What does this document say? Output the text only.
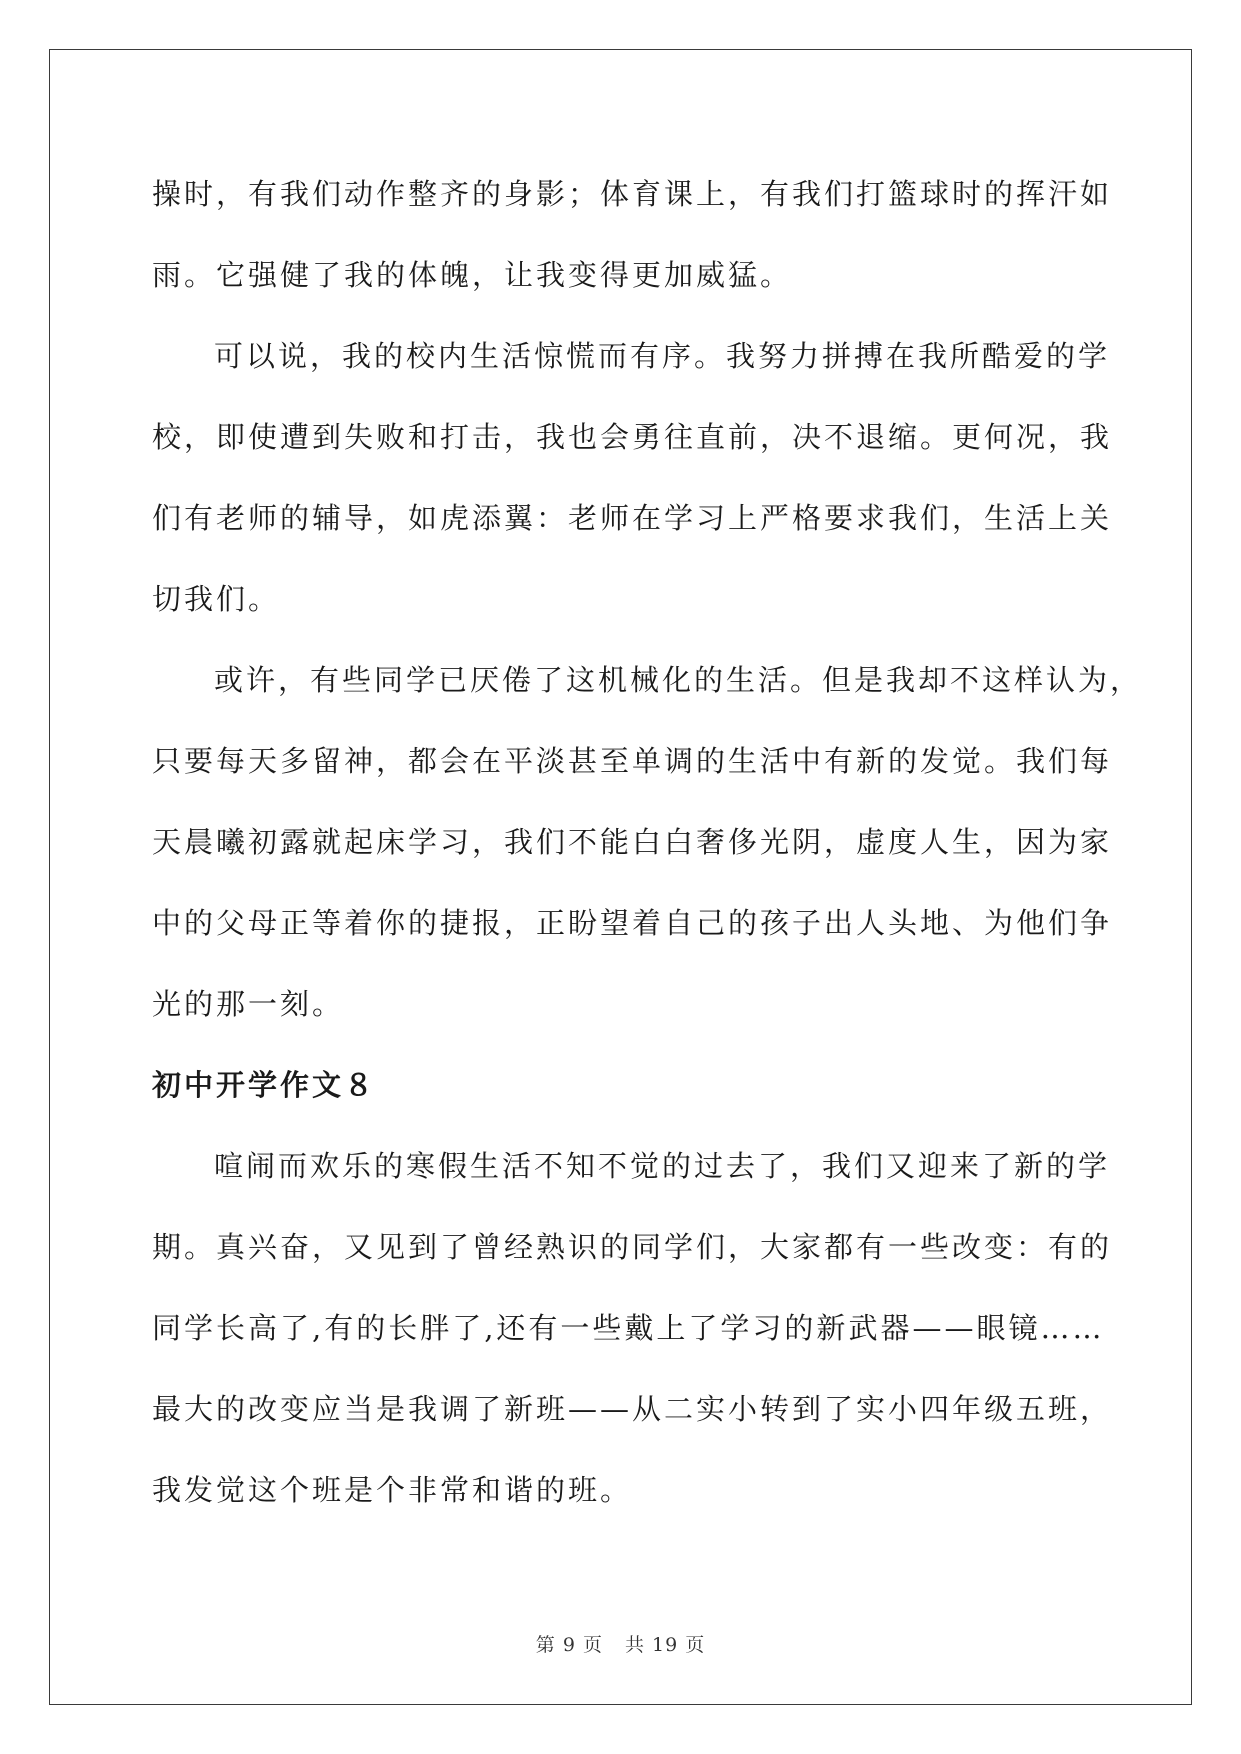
操时，有我们动作整齐的身影；体育课上，有我们打篮球时的挥汗如
雨。它强健了我的体魄，让我变得更加威猛。

可以说，我的校内生活惊慌而有序。我努力拼搏在我所酷爱的学
校，即使遭到失败和打击，我也会勇往直前，决不退缩。更何况，我
们有老师的辅导，如虎添翼：老师在学习上严格要求我们，生活上关
切我们。

或许，有些同学已厌倦了这机械化的生活。但是我却不这样认为，
只要每天多留神，都会在平淡甚至单调的生活中有新的发觉。我们每
天晨曦初露就起床学习，我们不能白白奢侈光阴，虚度人生，因为家
中的父母正等着你的捷报，正盼望着自己的孩子出人头地、为他们争
光的那一刻。

初中开学作文８

喧闹而欢乐的寒假生活不知不觉的过去了，我们又迎来了新的学
期。真兴奋，又见到了曾经熟识的同学们，大家都有一些改变：有的
同学长高了,有的长胖了,还有一些戴上了学习的新武器——眼镜……
最大的改变应当是我调了新班——从二实小转到了实小四年级五班，
我发觉这个班是个非常和谐的班。

第 9 页 共 19 页
